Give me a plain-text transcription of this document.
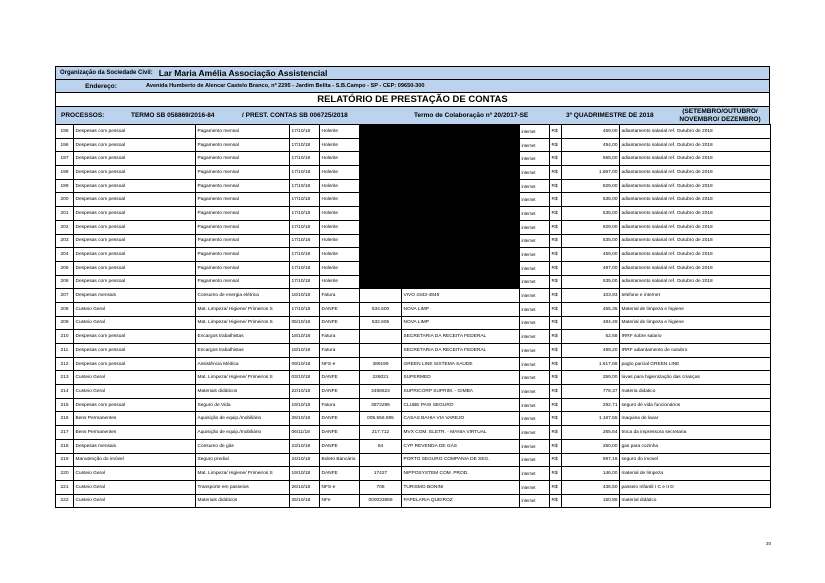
Organização da Sociedade Civil: Lar Maria Amélia Associação Assistencial
Endereço:	Avenida Humberto de Alencar Castelo Branco, nº 2295 - Jardim Belita - S.B.Campo - SP - CEP: 09650-300
RELATÓRIO DE PRESTAÇÃO DE CONTAS
PROCESSOS:	TERMO SB 058869/2016-84	/ PREST. CONTAS SB 006725/2018	Termo de Colaboração nº 20/2017-SE	3º QUADRIMESTRE DE 2018
(SETEMBRO/OUTUBRO/
NOVEMBRO/ DEZEMBRO)
195	Despesas com pessoal	Pagamento mensal	17/10/18	Holerite			internet	R$	459,00	adiantamento salarial ref. Outubro de 2018
196	Despesas com pessoal	Pagamento mensal	17/10/18	Holerite			internet	R$	494,00	adiantamento salarial ref. Outubro de 2018
197	Despesas com pessoal	Pagamento mensal	17/10/18	Holerite			internet	R$	565,00	adiantamento salarial ref. Outubro de 2018
198	Despesas com pessoal	Pagamento mensal	17/10/18	Holerite			internet	R$	1.667,00	adiantamento salarial ref. Outubro de 2018
199	Despesas com pessoal	Pagamento mensal	17/10/18	Holerite			internet	R$	829,00	adiantamento salarial ref. Outubro de 2018
200	Despesas com pessoal	Pagamento mensal	17/10/18	Holerite			internet	R$	535,00	adiantamento salarial ref. Outubro de 2018
201	Despesas com pessoal	Pagamento mensal	17/10/18	Holerite			internet	R$	535,00	adiantamento salarial ref. Outubro de 2018
202	Despesas com pessoal	Pagamento mensal	17/10/18	Holerite			internet	R$	829,00	adiantamento salarial ref. Outubro de 2018
203	Despesas com pessoal	Pagamento mensal	17/10/18	Holerite			internet	R$	535,00	adiantamento salarial ref. Outubro de 2018
204	Despesas com pessoal	Pagamento mensal	17/10/18	Holerite			internet	R$	459,00	adiantamento salarial ref. Outubro de 2018
205	Despesas com pessoal	Pagamento mensal	17/10/18	Holerite			internet	R$	497,00	adiantamento salarial ref. Outubro de 2018
206	Despesas com pessoal	Pagamento mensal	17/10/18	Holerite			internet	R$	535,00	adiantamento salarial ref. Outubro de 2018
207	Despesas mensais	Consumo de energia elétrica	18/10/18	Fatura		VIVO 4343-4849	internet	R$	103,93	telefone e internet
208	Custeio Geral	Mat. Limpeza/ Higiene/ Primeiros S	17/10/18	DANFE	534.500	NOVA LIMP	internet	R$	455,35	Material de limpeza e higiene
209	Custeio Geral	Mat. Limpeza/ Higiene/ Primeiros S	05/10/18	DANFE	532.605	NOVA LIMP	internet	R$	484,49	Material de limpeza e higiene
210	Despesas com pessoal	Encargos trabalhistas	18/10/18	Fatura		SECRETARIA DA RECEITA FEDERAL	internet	R$	52,68	IRRF sobre salario
211	Despesas com pessoal	Encargos trabalhistas	18/10/18	Fatura		SECRETARIA DA RECEITA FEDERAL	internet	R$	499,20	IRRF adiantamento de outubro
212	Despesas com pessoal	Assistência Médica	09/10/18	NFS-e	389199	GREEN LINE SISTEMA SAUDE	internet	R$	1.617,68	pagto parcial GREEN LINE
213	Custeio Geral	Mat. Limpeza/ Higiene/ Primeiros S	03/10/18	DANFE	226021	SUPERMED	internet	R$	259,00	luvas para higienização das crianças
214	Custeio Geral	Materiais didáticos	22/10/18	DANFE	3498623	SUPRICORP SUPRIM. - GIMBA	internet	R$	778,37	materia didatico
215	Despesas com pessoal	Seguro de Vida	19/10/18	Fatura	3873295	CLUBE PASI SEGURO	internet	R$	292,71	seguro de vida funcionários
216	Bens Permanentes	Aquisição de equip./mobiliário	26/10/18	DANFE	005.556.595	CASAS BAHIA VIA VAREJO	internet	R$	1.167,55	maquina de lavar
217	Bens Permanentes	Aquisição de equip./mobiliário	06/11/18	DANFE	217.712	MVX COM. ELETR. - MANIA VIRTUAL	internet	R$	265,64	troca da impressora secretaria
218	Despesas mensais	Consumo de gás	23/10/18	DANFE	84	CYP REVENDA DE GÁS	internet	R$	250,00	gas para cozinha
219	Manutenção do imóvel	Seguro predial	24/10/18	Boleto Bancário		PORTO SEGURO COMPANIA DE SEG.	internet	R$	597,16	seguro do imovel
220	Custeio Geral	Mat. Limpeza/ Higiene/ Primeiros S	19/10/18	DANFE	17427	NIPPOSYSTEM COM. PROD.	internet	R$	146,00	material de limpeza
221	Custeio Geral	Transporte em passeios	26/10/18	NFS-e	708	TURISMO BONINI	internet	R$	436,50	passeio Infantil I C e II D
222	Custeio Geral	Materiais didáticos	25/10/18	NFe	000033959	PAPELARIA QUEIROZ	internet	R$	150,86	material didático
20
